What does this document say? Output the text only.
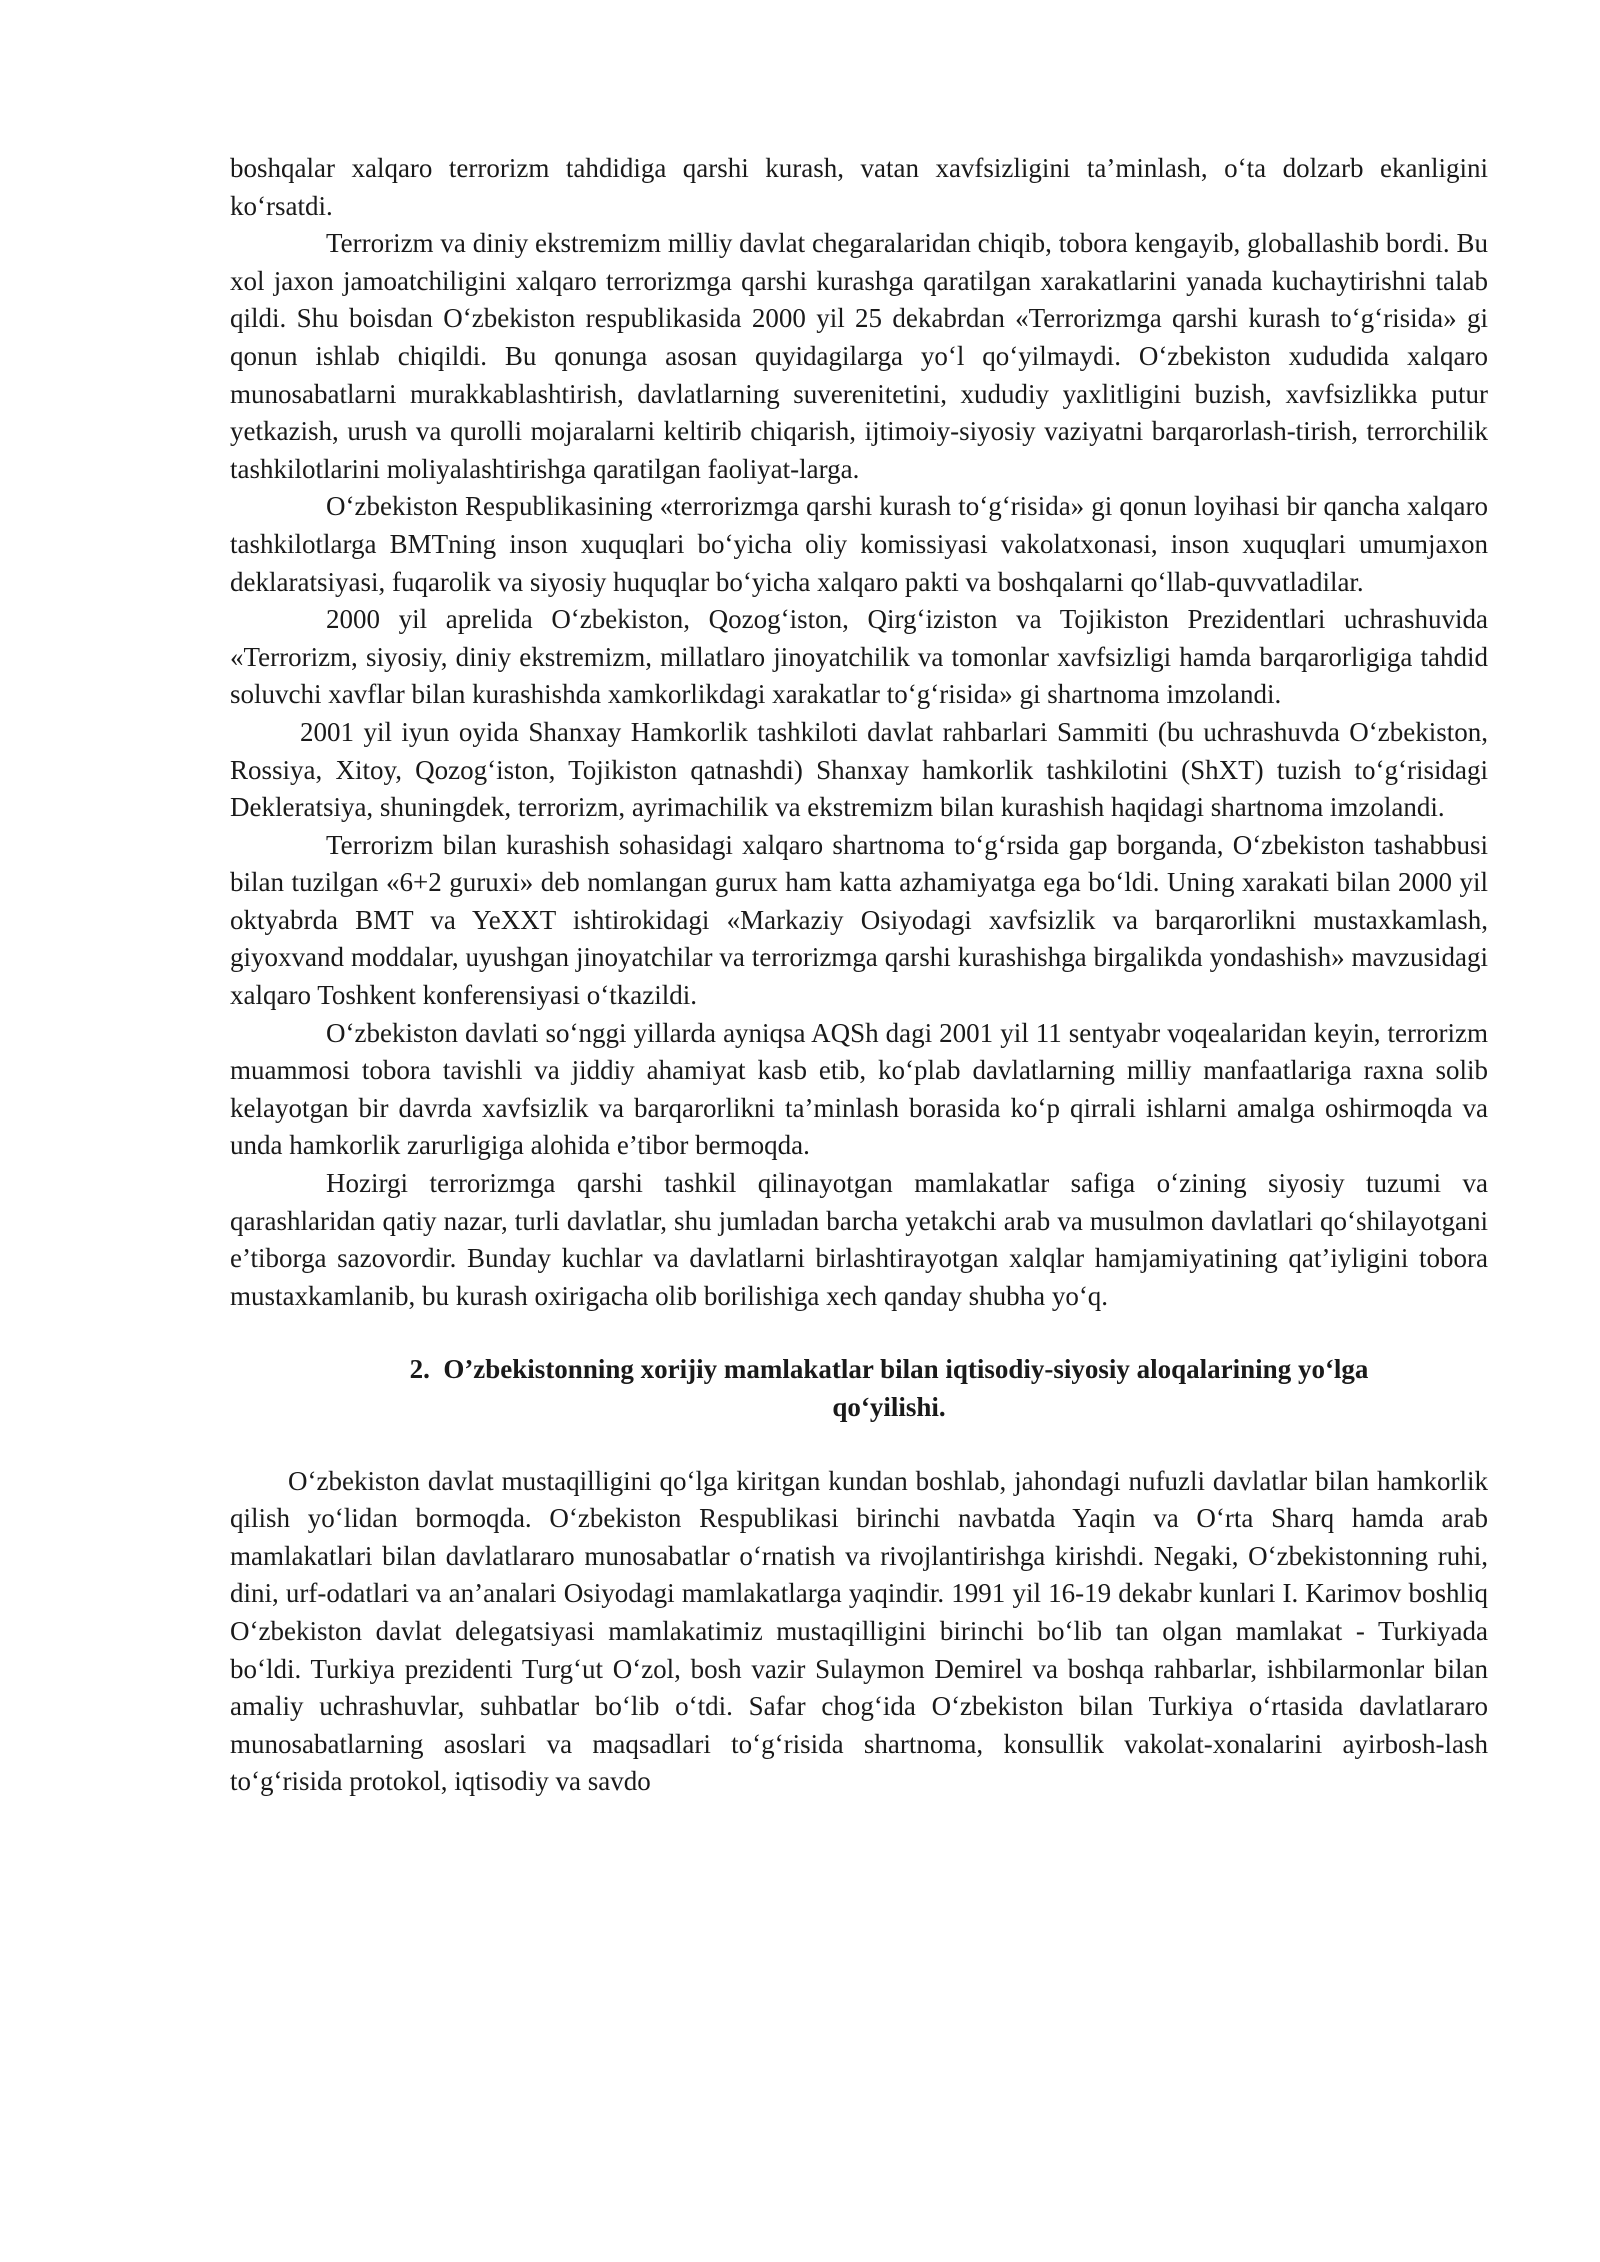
boshqalar xalqaro terrorizm tahdidiga qarshi kurash, vatan xavfsizligini ta’minlash, o‘ta dolzarb ekanligini ko‘rsatdi.

Terrorizm va diniy ekstremizm milliy davlat chegaralaridan chiqib, tobora kengayib, globallashib bordi. Bu xol jaxon jamoatchiligini xalqaro terrorizmga qarshi kurashga qaratilgan xarakatlarini yanada kuchaytirishni talab qildi. Shu boisdan O‘zbekiston respublikasida 2000 yil 25 dekabrdan «Terrorizmga qarshi kurash to‘g‘risida» gi qonun ishlab chiqildi. Bu qonunga asosan quyidagilarga yo‘l qo‘yilmaydi. O‘zbekiston xududida xalqaro munosabatlarni murakkablashtirish, davlatlarning suverenitetini, xududiy yaxlitligini buzish, xavfsizlikka putur yetkazish, urush va qurolli mojaralarni keltirib chiqarish, ijtimoiy-siyosiy vaziyatni barqarorlash-tirish, terrorchilik tashkilotlarini moliyalashtirishga qaratilgan faoliyat-larga.

O‘zbekiston Respublikasining «terrorizmga qarshi kurash to‘g‘risida» gi qonun loyihasi bir qancha xalqaro tashkilotlarga BMTning inson xuquqlari bo‘yicha oliy komissiyasi vakolatxonasi, inson xuquqlari umumjaxon deklaratsiyasi, fuqarolik va siyosiy huquqlar bo‘yicha xalqaro pakti va boshqalarni qo‘llab-quvvatladilar.

2000 yil aprelida O‘zbekiston, Qozog‘iston, Qirg‘iziston va Tojikiston Prezidentlari uchrashuvida «Terrorizm, siyosiy, diniy ekstremizm, millatlaro jinoyatchilik va tomonlar xavfsizligi hamda barqarorligiga tahdid soluvchi xavflar bilan kurashishda xamkorlikdagi xarakatlar to‘g‘risida» gi shartnoma imzolandi.

2001 yil iyun oyida Shanxay Hamkorlik tashkiloti davlat rahbarlari Sammiti (bu uchrashuvda O‘zbekiston, Rossiya, Xitoy, Qozog‘iston, Tojikiston qatnashdi) Shanxay hamkorlik tashkilotini (ShXT) tuzish to‘g‘risidagi Dekleratsiya, shuningdek, terrorizm, ayrimachilik va ekstremizm bilan kurashish haqidagi shartnoma imzolandi.

Terrorizm bilan kurashish sohasidagi xalqaro shartnoma to‘g‘rsida gap borganda, O‘zbekiston tashabbusi bilan tuzilgan «6+2 guruxi» deb nomlangan gurux ham katta azhamiyatga ega bo‘ldi. Uning xarakati bilan 2000 yil oktyabrda BMT va YeXXT ishtirokidagi «Markaziy Osiyodagi xavfsizlik va barqarorlikni mustaxkamlash, giyoxvand moddalar, uyushgan jinoyatchilar va terrorizmga qarshi kurashishga birgalikda yondashish» mavzusidagi xalqaro Toshkent konferensiyasi o‘tkazildi.

O‘zbekiston davlati so‘nggi yillarda ayniqsa AQSh dagi 2001 yil 11 sentyabr voqealaridan keyin, terrorizm muammosi tobora tavishli va jiddiy ahamiyat kasb etib, ko‘plab davlatlarning milliy manfaatlariga raxna solib kelayotgan bir davrda xavfsizlik va barqarorlikni ta’minlash borasida ko‘p qirrali ishlarni amalga oshirmoqda va unda hamkorlik zarurligiga alohida e’tibor bermoqda.

Hozirgi terrorizmga qarshi tashkil qilinayotgan mamlakatlar safiga o‘zining siyosiy tuzumi va qarashlaridan qatiy nazar, turli davlatlar, shu jumladan barcha yetakchi arab va musulmon davlatlari qo‘shilayotgani e’tiborga sazovordir. Bunday kuchlar va davlatlarni birlashtirayotgan xalqlar hamjamiyatining qat’iyligini tobora mustaxkamlanib, bu kurash oxirigacha olib borilishiga xech qanday shubha yo‘q.

2. O’zbekistonning xorijiy mamlakatlar bilan iqtisodiy-siyosiy aloqalarining yo‘lga
qo‘yilishi.

O‘zbekiston davlat mustaqilligini qo‘lga kiritgan kundan boshlab, jahondagi nufuzli davlatlar bilan hamkorlik qilish yo‘lidan bormoqda. O‘zbekiston Respublikasi birinchi navbatda Yaqin va O‘rta Sharq hamda arab mamlakatlari bilan davlatlararo munosabatlar o‘rnatish va rivojlantirishga kirishdi. Negaki, O‘zbekistonning ruhi, dini, urf-odatlari va an’analari Osiyodagi mamlakatlarga yaqindir. 1991 yil 16-19 dekabr kunlari I. Karimov boshliq O‘zbekiston davlat delegatsiyasi mamlakatimiz mustaqilligini birinchi bo‘lib tan olgan mamlakat - Turkiyada bo‘ldi. Turkiya prezidenti Turg‘ut O‘zol, bosh vazir Sulaymon Demirel va boshqa rahbarlar, ishbilarmonlar bilan amaliy uchrashuvlar, suhbatlar bo‘lib o‘tdi. Safar chog‘ida O‘zbekiston bilan Turkiya o‘rtasida davlatlararo munosabatlarning asoslari va maqsadlari to‘g‘risida shartnoma, konsullik vakolat-xonalarini ayirbosh-lash to‘g‘risida protokol, iqtisodiy va savdo
